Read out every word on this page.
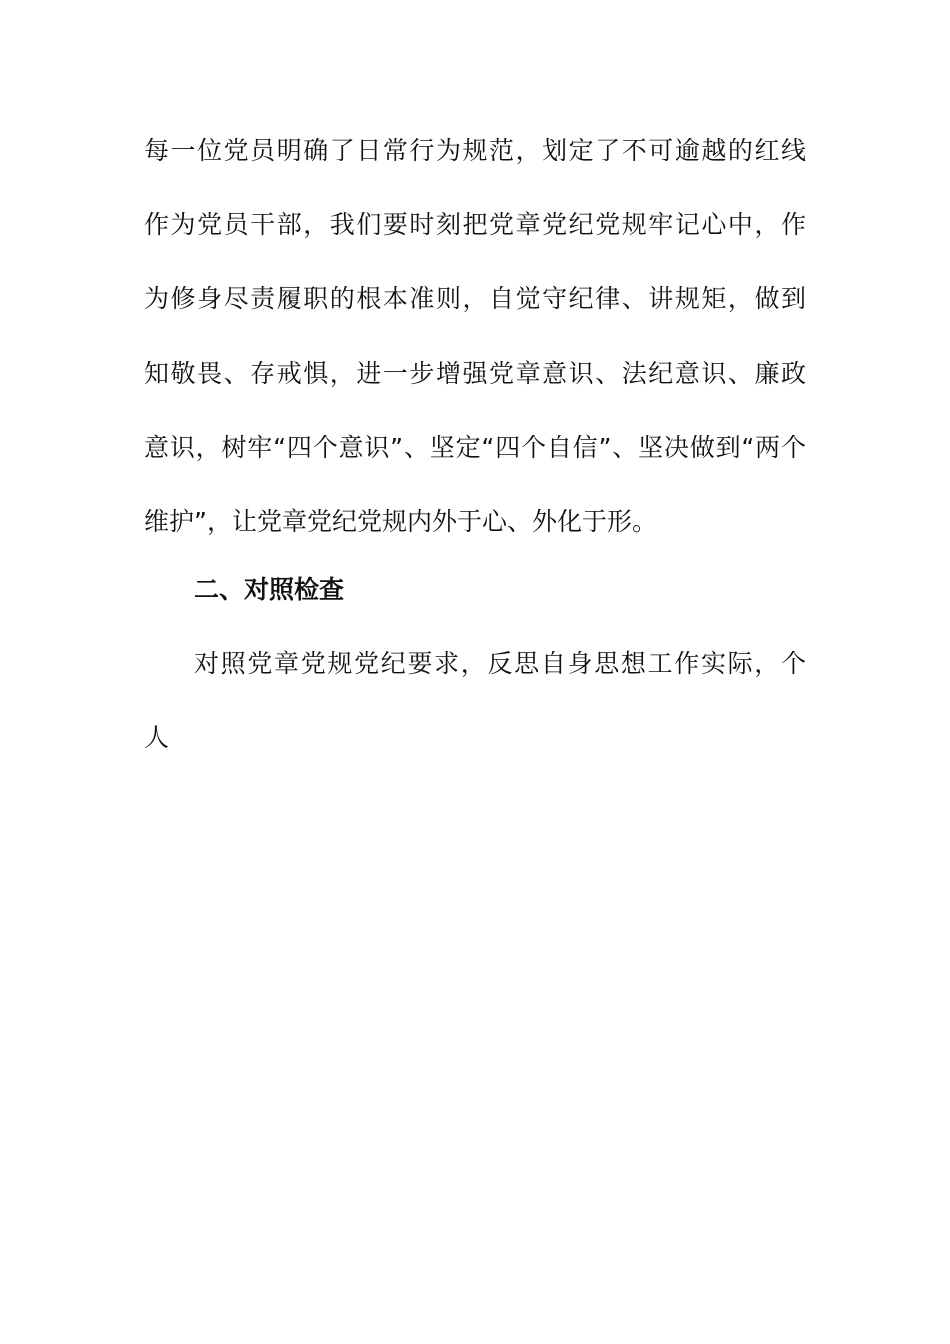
每一位党员明确了日常行为规范，划定了不可逾越的红线
作为党员干部，我们要时刻把党章党纪党规牢记心中，作
为修身尽责履职的根本准则，自觉守纪律、讲规矩，做到
知敬畏、存戒惧，进一步增强党章意识、法纪意识、廉政
意识，树牢“四个意识”、坚定“四个自信”、坚决做到“两个
维护”，让党章党纪党规内外于心、外化于形。
二、对照检查
对照党章党规党纪要求，反思自身思想工作实际，个
人
